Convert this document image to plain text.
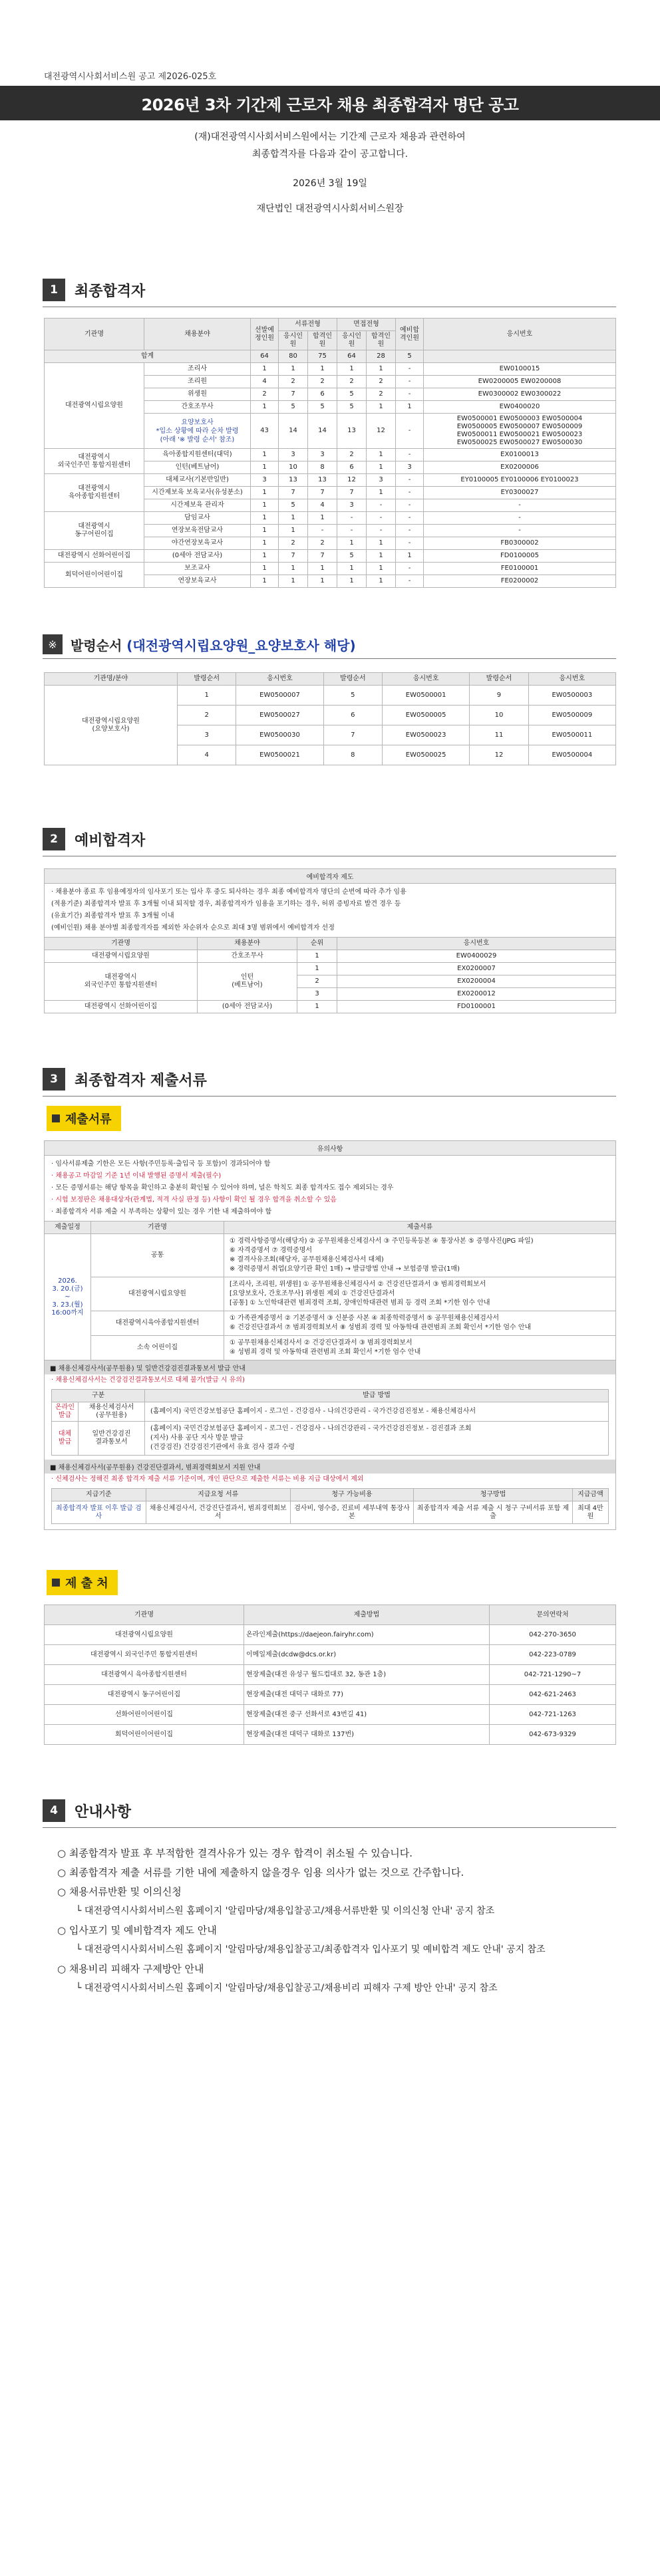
대전광역시사회서비스원 공고 제2026-025호
2026년 3차 기간제 근로자 채용 최종합격자 명단 공고
(재)대전광역시사회서비스원에서는 기간제 근로자 채용과 관련하여
최종합격자를 다음과 같이 공고합니다.
2026년 3월 19일
재단법인 대전광역시사회서비스원장
1	최종합격자
기관명	채용분야	선발예정인원	서류전형		면접전형		예비합격인원	응시번호
			응시인원	합격인원	응시인원	합격인원		
합계		64	80	75	64	28	5	
대전광역시립요양원	조리사	1	1	1	1	1	-	EW0100015
	조리원	4	2	2	2	2	-	EW0200005 EW0200008
	위생원	2	7	6	5	2	-	EW0300002 EW0300022
	간호조무사	1	5	5	5	1	1	EW0400020
	요양보호사
*입소 상황에 따라 순차 발령
(아래 '※ 발령 순서' 참조)	43	14	14	13	12	-	EW0500001 EW0500003 EW0500004
EW0500005 EW0500007 EW0500009
EW0500011 EW0500021 EW0500023
EW0500025 EW0500027 EW0500030
대전광역시
외국인주민 통합지원센터	육아종합지원센터(대덕)	1	3	3	2	1	-	EX0100013
	인턴(베트남어)	1	10	8	6	1	3	EX0200006
대전광역시
육아종합지원센터	대체교사(기본반일반)	3	13	13	12	3	-	EY0100005 EY0100006 EY0100023
	시간제보육 보육교사(유성분소)	1	7	7	7	1	-	EY0300027
	시간제보육 관리자	1	5	4	3	-	-	-
대전광역시
동구어린이집	담임교사	1	1	1	-	-	-	-
	연장보육전담교사	1	1	-	-	-	-	-
	야간연장보육교사	1	2	2	1	1	-	FB0300002
대전광역시 선화어린이집	(0세아 전담교사)	1	7	7	5	1	1	FD0100005
회덕어린이어린이집	보조교사	1	1	1	1	1	-	FE0100001
	연장보육교사	1	1	1	1	1	-	FE0200002
※	발령순서 (대전광역시립요양원_요양보호사 해당)
기관명/분야	발령순서	응시번호	발령순서	응시번호	발령순서	응시번호
대전광역시립요양원
(요양보호사)	1	EW0500007	5	EW0500001	9	EW0500003
	2	EW0500027	6	EW0500005	10	EW0500009
	3	EW0500030	7	EW0500023	11	EW0500011
	4	EW0500021	8	EW0500025	12	EW0500004
2	예비합격자
예비합격자 제도
· 채용분야 종료 후 임용예정자의 임사포기 또는 입사 후 중도 퇴사하는 경우 최종 예비합격자 명단의 순번에 따라 추가 임용
(적용기준) 최종합격자 발표 후 3개월 이내 퇴직할 경우, 최종합격자가 임용을 포기하는 경우, 허위 증빙자료 발견 경우 등
(유효기간) 최종합격자 발표 후 3개월 이내
(예비인원) 채용 분야별 최종합격자를 제외한 차순위자 순으로 최대 3명 범위에서 예비합격자 선정
기관명	채용분야	순위	응시번호
대전광역시립요양원	간호조무사	1	EW0400029
대전광역시
외국인주민 통합지원센터	인턴
(베트남어)	1	EX0200007
		2	EX0200004
		3	EX0200012
대전광역시 선화어린이집	(0세아 전담교사)	1	FD0100001
3	최종합격자 제출서류
제출서류
유의사항
· 임사서류제출 기한은 모든 사항(주민등록·출입국 등 포함)이 경과되어야 함
· 채용공고 마감일 기준 1년 이내 발행된 증명서 제출(필수)
· 모든 증명서류는 해당 항목을 확인하고 충분히 확인될 수 있어야 하며, 널은 학칙도 최종 합격자도 접수 제외되는 경우
· 시험 보정판은 채용대상자(관계법, 적격 사실 판정 등) 사항이 확인 될 경우 합격을 취소할 수 있음
· 최종합격자 서류 제출 시 부족하는 상황이 있는 경우 기한 내 제출하여야 함
제출일정	기관명	제출서류
2026.
3. 20.(금)
~
3. 23.(월)
16:00까지	공통	① 경력사항증명서(해당자) ② 공무원채용신체검사서 ③ 주민등록등본 ④ 통장사본 ⑤ 증명사진(JPG 파일)
⑥ 자격증명서 ⑦ 경력증명서
※ 결격사유조회(해당자, 공무원채용신체검사서 대체)
※ 경력증명서 취업(요양기관 확인 1매) → 발급방법 안내 → 보험증명 발급(1매)
	대전광역시립요양원	[조리사, 조리원, 위생원] ① 공무원채용신체검사서 ② 건강진단결과서 ③ 범죄경력회보서
[요양보호사, 간호조무사] 위생원 제외 ① 건강진단결과서
[공통] ① 노인학대관련 범죄경력 조회, 장애인학대관련 범죄 등 경력 조회 *기한 엄수 안내
	대전광역시육아종합지원센터	① 가족관계증명서 ② 기본증명서 ③ 신분증 사본 ④ 최종학력증명서 ⑤ 공무원채용신체검사서
⑥ 건강진단결과서 ⑦ 범죄경력회보서 ⑧ 성범죄 경력 및 아동학대 관련범죄 조회 확인서 *기한 엄수 안내
	소속 어린이집	① 공무원채용신체검사서 ② 건강진단결과서 ③ 범죄경력회보서
④ 성범죄 경력 및 아동학대 관련범죄 조회 확인서 *기한 엄수 안내
■ 채용신체검사서(공무원용) 및 일반건강검진결과통보서 발급 안내
· 채용신체검사서는 건강검진결과통보서로 대체 불가(발급 시 유의)
구분		발급 방법
온라인
발급	채용신체검사서
(공무원용)	(홈페이지) 국민건강보험공단 홈페이지 - 로그인 - 건강검사 - 나의건강관리 - 국가건강검진정보 - 채용신체검사서
대체
발급	일반건강검진
결과통보서	(홈페이지) 국민건강보험공단 홈페이지 - 로그인 - 건강검사 - 나의건강관리 - 국가건강검진정보 - 검진결과 조회
(지사) 사용 공단 지사 방문 발급
(건강검진) 건강검진기관에서 유효 검사 결과 수령
■ 채용신체검사서(공무원용) 건강진단결과서, 범죄경력회보서 지원 안내
· 신체검사는 정해진 최종 합격자 제출 서류 기준이며, 개인 판단으로 제출한 서류는 비용 지급 대상에서 제외
지급기준	지급요청 서류	청구 가능비용	청구방법	지급금액
최종합격자 발표 이후 발급 검사	채용신체검사서, 건강진단결과서, 범죄경력회보서	검사비, 영수증, 진료비 세부내역 통장사본	최종합격자 제출 서류 제출 시 청구 구비서류 포함 제출	최대 4만원
제 출 처
기관명	제출방법	문의연락처
대전광역시립요양원	온라인제출(https://daejeon.fairyhr.com)	042-270-3650
대전광역시 외국인주민 통합지원센터	이메일제출(dcdw@dcs.or.kr)	042-223-0789
대전광역시 육아종합지원센터	현장제출(대전 유성구 월드컵대로 32, 동관 1층)	042-721-1290~7
대전광역시 동구어린이집	현장제출(대전 대덕구 대화로 77)	042-621-2463
선화어린이어린이집	현장제출(대전 중구 선화서로 43번길 41)	042-721-1263
회덕어린이어린이집	현장제출(대전 대덕구 대화로 137번)	042-673-9329
4	안내사항
○ 최종합격자 발표 후 부적합한 결격사유가 있는 경우 합격이 취소될 수 있습니다.
○ 최종합격자 제출 서류를 기한 내에 제출하지 않을경우 임용 의사가 없는 것으로 간주합니다.
○ 채용서류반환 및 이의신청
└ 대전광역시사회서비스원 홈페이지 '알림마당/채용입찰공고/채용서류반환 및 이의신청 안내' 공지 참조
○ 입사포기 및 예비합격자 제도 안내
└ 대전광역시사회서비스원 홈페이지 '알림마당/채용입찰공고/최종합격자 입사포기 및 예비합격 제도 안내' 공지 참조
○ 채용비리 피해자 구제방안 안내
└ 대전광역시사회서비스원 홈페이지 '알림마당/채용입찰공고/채용비리 피해자 구제 방안 안내' 공지 참조
